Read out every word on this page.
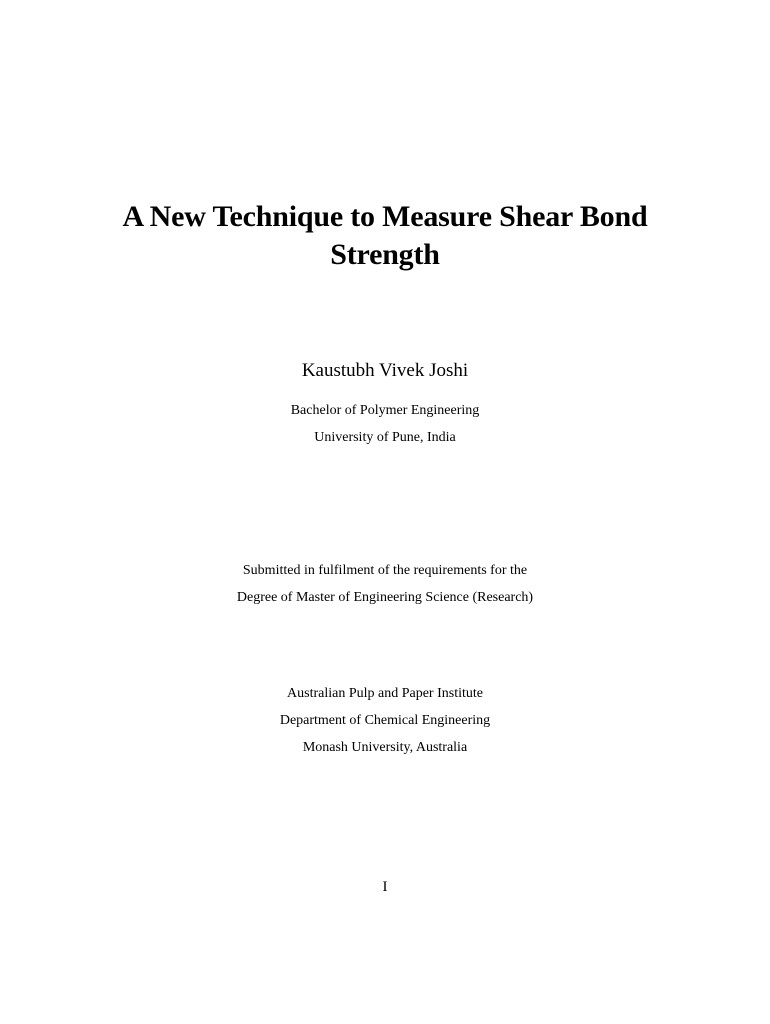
A New Technique to Measure Shear Bond
Strength
Kaustubh Vivek Joshi
Bachelor of Polymer Engineering
University of Pune, India
Submitted in fulfilment of the requirements for the
Degree of Master of Engineering Science (Research)
Australian Pulp and Paper Institute
Department of Chemical Engineering
Monash University, Australia
I
